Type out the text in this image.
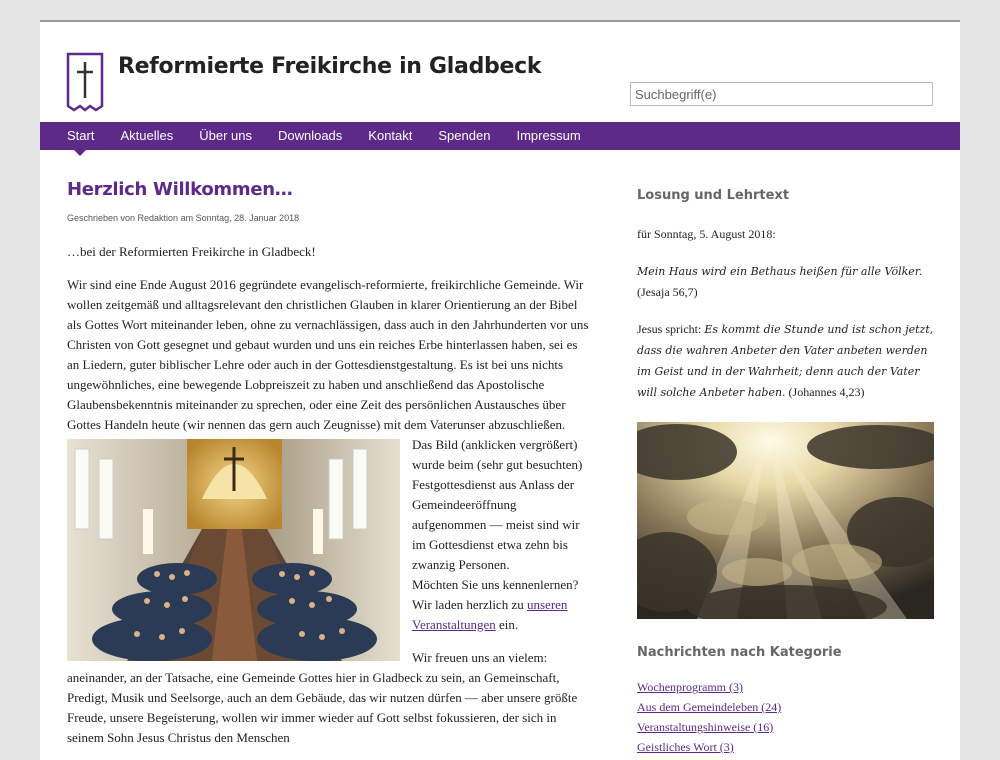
Reformierte Freikirche in Gladbeck
Suchbegriff(e)
Start	Aktuelles	Über uns	Downloads	Kontakt	Spenden	Impressum
Herzlich Willkommen…
Geschrieben von Redaktion am Sonntag, 28. Januar 2018

…bei der Reformierten Freikirche in Gladbeck!

Wir sind eine Ende August 2016 gegründete evangelisch-reformierte, freikirchliche Gemeinde. Wir wollen zeitgemäß und alltagsrelevant den christlichen Glauben in klarer Orientierung an der Bibel als Gottes Wort miteinander leben, ohne zu vernachlässigen, dass auch in den Jahrhunderten vor uns Christen von Gott gesegnet und gebaut wurden und uns ein reiches Erbe hinterlassen haben, sei es an Liedern, guter biblischer Lehre oder auch in der Gottesdienstgestaltung. Es ist bei uns nichts ungewöhnliches, eine bewegende Lobpreiszeit zu haben und anschließend das Apostolische Glaubensbekenntnis miteinander zu sprechen, oder eine Zeit des persönlichen Austausches über Gottes Handeln heute (wir nennen das gern auch Zeugnisse) mit dem Vaterunser abzuschließen.

Das Bild (anklicken vergrößert) wurde beim (sehr gut besuchten) Festgottesdienst aus Anlass der Gemeindeeröffnung aufgenommen — meist sind wir im Gottesdienst etwa zehn bis zwanzig Personen.

Möchten Sie uns kennenlernen? Wir laden herzlich zu unseren Veranstaltungen ein.

Wir freuen uns an vielem: aneinander, an der Tatsache, eine Gemeinde Gottes hier in Gladbeck zu sein, an Gemeinschaft, Predigt, Musik und Seelsorge, auch an dem Gebäude, das wir nutzen dürfen — aber unsere größte Freude, unsere Begeisterung, wollen wir immer wieder auf Gott selbst fokussieren, der sich in seinem Sohn Jesus Christus den Menschen

Losung und Lehrtext

für Sonntag, 5. August 2018:

Mein Haus wird ein Bethaus heißen für alle Völker.
(Jesaja 56,7)

Jesus spricht: Es kommt die Stunde und ist schon jetzt, dass die wahren Anbeter den Vater anbeten werden im Geist und in der Wahrheit; denn auch der Vater will solche Anbeter haben. (Johannes 4,23)

Nachrichten nach Kategorie
Wochenprogramm (3)
Aus dem Gemeindeleben (24)
Veranstaltungshinweise (16)
Geistliches Wort (3)
